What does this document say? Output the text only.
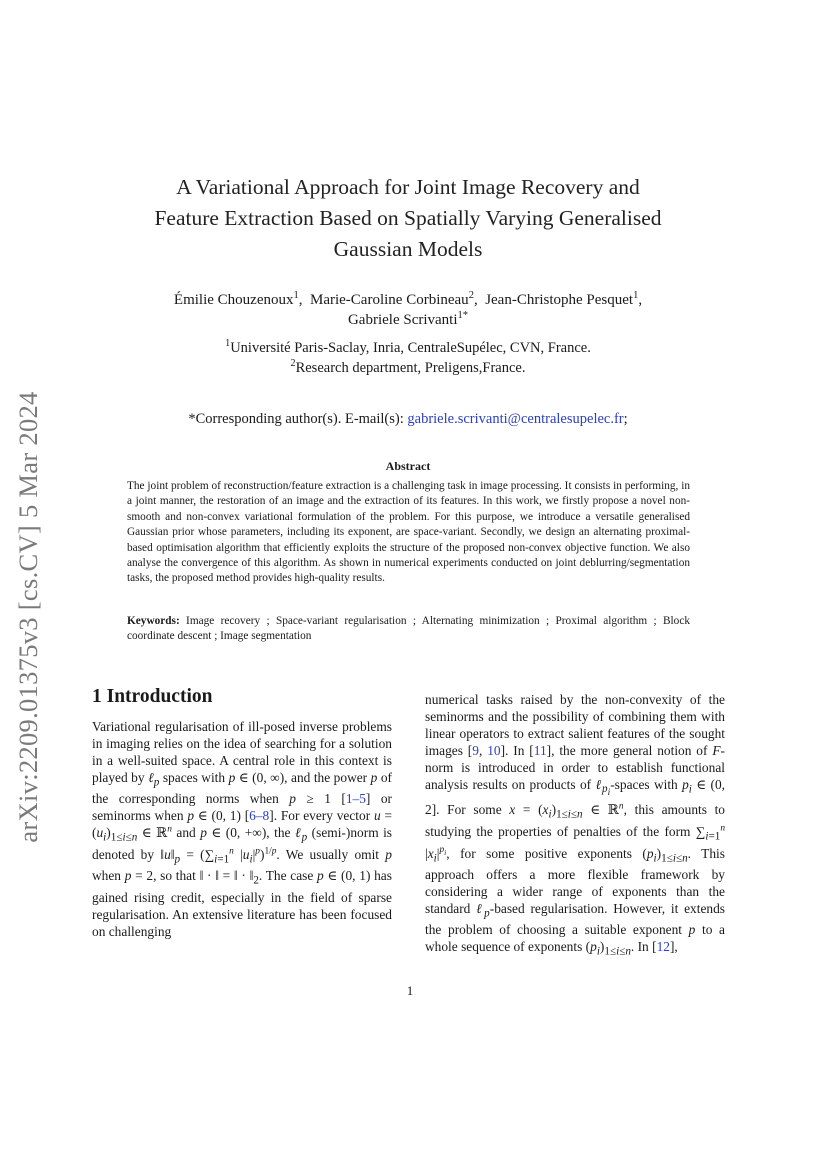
arXiv:2209.01375v3 [cs.CV] 5 Mar 2024
A Variational Approach for Joint Image Recovery and
Feature Extraction Based on Spatially Varying Generalised
Gaussian Models
Émilie Chouzenoux$^1$,  Marie-Caroline Corbineau$^2$,  Jean-Christophe Pesquet$^1$,
Gabriele Scrivanti$^{1*}$
$^1$Université Paris-Saclay, Inria, CentraleSupélec, CVN, France.
$^2$Research department, Preligens,France.
*Corresponding author(s). E-mail(s): gabriele.scrivanti@centralesupelec.fr;
Abstract
The joint problem of reconstruction/feature extraction is a challenging task in image processing. It consists in performing, in a joint manner, the restoration of an image and the extraction of its features. In this work, we firstly propose a novel non-smooth and non-convex variational formulation of the problem. For this purpose, we introduce a versatile generalised Gaussian prior whose parameters, including its exponent, are space-variant. Secondly, we design an alternating proximal-based optimisation algorithm that efficiently exploits the structure of the proposed non-convex objective function. We also analyse the convergence of this algorithm. As shown in numerical experiments conducted on joint deblurring/segmentation tasks, the proposed method provides high-quality results.
Keywords: Image recovery ; Space-variant regularisation ; Alternating minimization ; Proximal algorithm ; Block coordinate descent ; Image segmentation
1 Introduction
Variational regularisation of ill-posed inverse problems in imaging relies on the idea of searching for a solution in a well-suited space. A central role in this context is played by ℓ$_p$ spaces with p ∈ (0, ∞), and the power p of the corresponding norms when p ≥ 1 [1–5] or seminorms when p ∈ (0, 1) [6–8]. For every vector $u = (u_i)_{1\le i\le n}$ ∈ ℝ$^n$ and p ∈ (0, +∞), the ℓ$_p$ (semi-)norm is denoted by $‖u‖_p = (\sum_{i=1}^n$ $|u_i|^p)^{1/p}$. We usually omit p when p = 2, so that ‖ · ‖ = ‖ · $‖_2$. The case p ∈ (0, 1) has gained rising credit, especially in the field of sparse regularisation. An extensive literature has been focused on challenging
numerical tasks raised by the non-convexity of the seminorms and the possibility of combining them with linear operators to extract salient features of the sought images [9, 10]. In [11], the more general notion of F-norm is introduced in order to establish functional analysis results on products of ℓ$_{p_i}$-spaces with $p_i$ ∈ (0, 2]. For some $x = (x_i)_{1\le i\le n}$ ∈ ℝ$^n$, this amounts to studying the properties of penalties of the form $\sum_{i=1}^n$ $|x_i|^{p_i}$, for some positive exponents $(p_i)_{1\le i\le n}$. This approach offers a more flexible framework by considering a wider range of exponents than the standard ℓ$_p$-based regularisation. However, it extends the problem of choosing a suitable exponent p to a whole sequence of exponents $(p_i)_{1\le i\le n}$. In [12],
1
